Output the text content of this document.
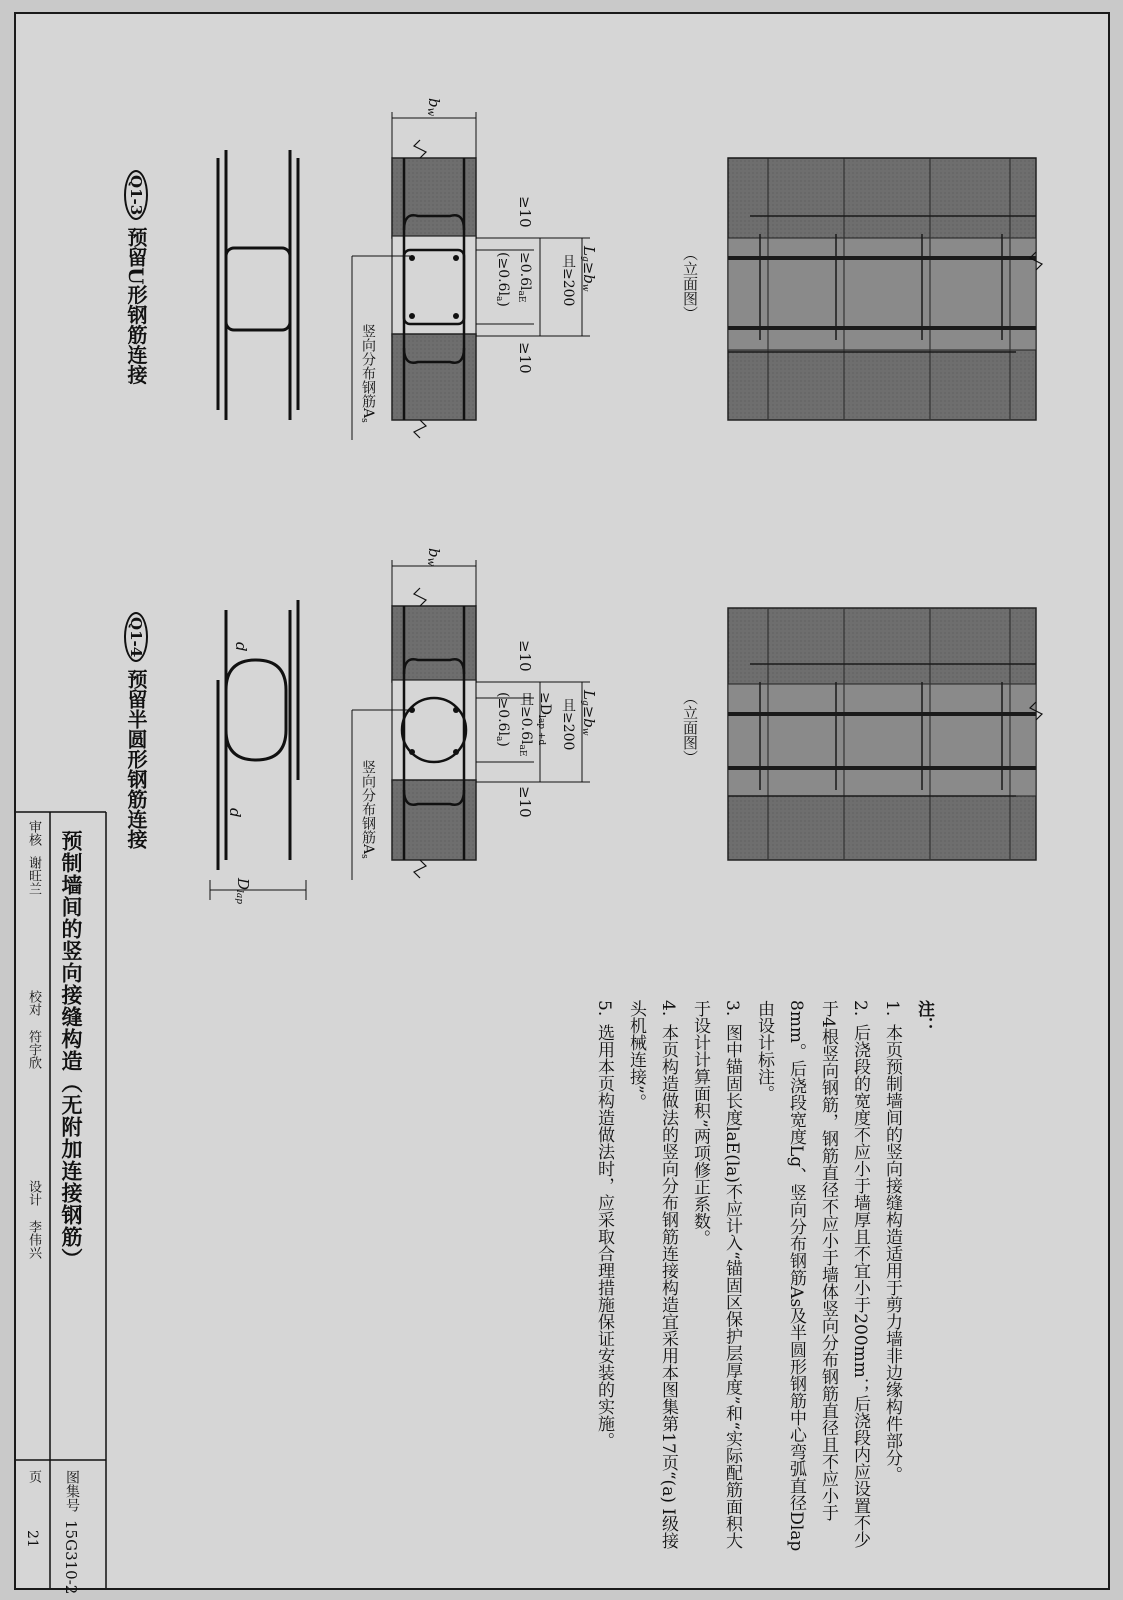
Q1-3 预留U形钢筋连接
Q1-4 预留半圆形钢筋连接
（立面图）
（立面图）
$b_w$
≥10
≥10
$\ge 0.6l_{aE}$
$(\ge 0.6l_a)$
$L_g\ge b_w$
且≥200
竖向分布钢筋$A_s$
$b_w$
≥10
≥10
$\ge D_{lap +d}$
且$\ge 0.6l_{aE}$
$(\ge 0.6l_a)$
$L_g\ge b_w$
且≥200
竖向分布钢筋$A_s$
d
d
$D_{lap}$
注：
1.本页预制墙间的竖向接缝构造适用于剪力墙非边缘构件部分。
2.后浇段的宽度不应小于墙厚且不宜小于200mm；后浇段内应设置不少于4根竖向钢筋，钢筋直径不应小于墙体竖向分布钢筋直径且不应小于8mm。后浇段宽度Lg、竖向分布钢筋As及半圆形钢筋中心弯弧直径Dlap由设计标注。
3.图中锚固长度laE(la)不应计入“锚固区保护层厚度”和“实际配筋面积大于设计计算面积”两项修正系数。
4.本页构造做法的竖向分布钢筋连接构造宜采用本图集第17页“(a) I级接头机械连接”。
5.选用本页构造做法时，应采取合理措施保证安装的实施。
预制墙间的竖向接缝构造（无附加连接钢筋）
图集号
15G310-2
审核
谢旺兰
校对
符宇欣
设计
李伟兴
页
21
